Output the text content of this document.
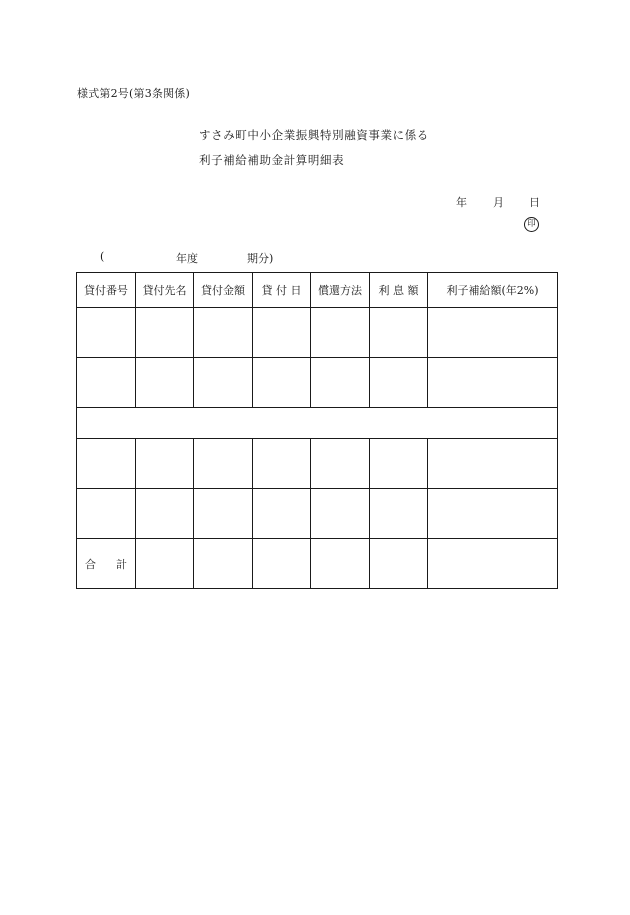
様式第2号(第3条関係)
すさみ町中小企業振興特別融資事業に係る
利子補給補助金計算明細表
年 月 日
印
(	年度	期分)
貸付番号	貸付先名	貸付金額	貸 付 日	償還方法	利 息 額	利子補給額(年2%)

合 計						
